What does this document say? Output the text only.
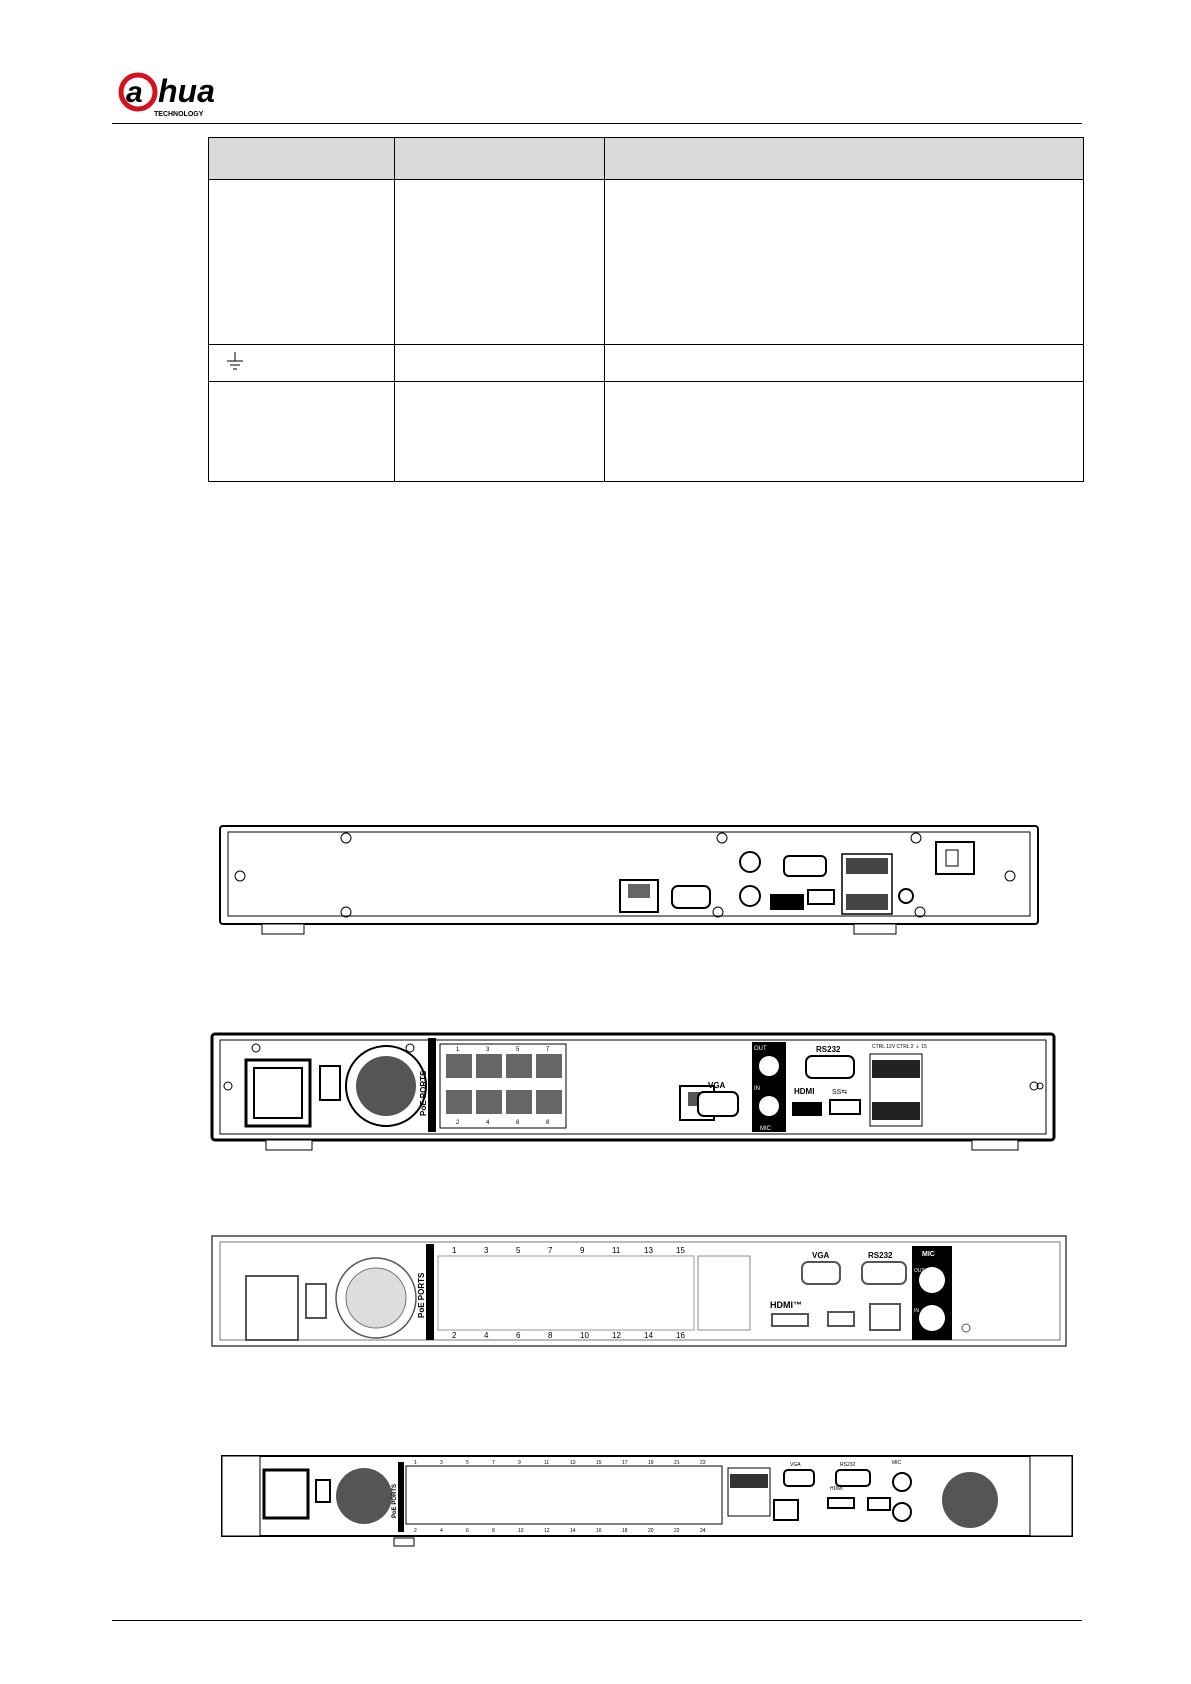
a hua
TECHNOLOGY

PoE PORTS
1	3	5	7
2	4	6	8
VGA
OUT
IN
MIC
RS232
HDMI	SS⇆
CTRL 12V CTRL 2 ⏚ 15
PoE PORTS
1	3	5	7	9	11	13	15
2	4	6	8	10	12	14	16
VGA
HDMI™
RS232	MIC
OUT
IN
PoE PORTS
1	3	5	7	9	11	13	15	17	19	21	23
2	4	6	8	10	12	14	16	18	20	22	24
VGA
HDMI
RS232	MIC
